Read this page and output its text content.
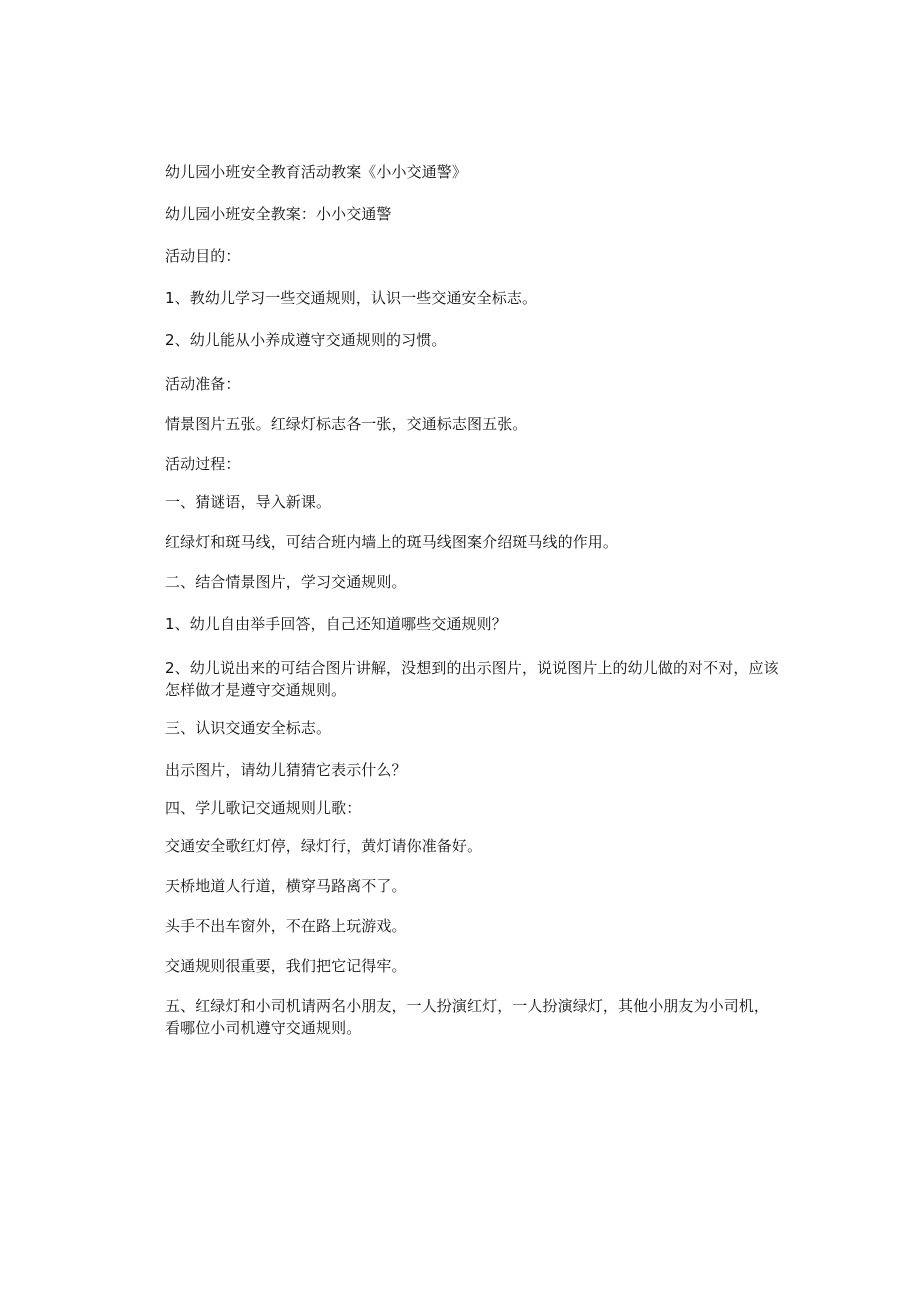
幼儿园小班安全教育活动教案《小小交通警》

幼儿园小班安全教案：小小交通警

活动目的：

1、教幼儿学习一些交通规则，认识一些交通安全标志。

2、幼儿能从小养成遵守交通规则的习惯。

活动准备：

情景图片五张。红绿灯标志各一张，交通标志图五张。

活动过程：

一、猜谜语，导入新课。

红绿灯和斑马线，可结合班内墙上的斑马线图案介绍斑马线的作用。

二、结合情景图片，学习交通规则。

1、幼儿自由举手回答，自己还知道哪些交通规则？

2、幼儿说出来的可结合图片讲解，没想到的出示图片，说说图片上的幼儿做的对不对，应该怎样做才是遵守交通规则。

三、认识交通安全标志。

出示图片，请幼儿猜猜它表示什么？

四、学儿歌记交通规则儿歌：

交通安全歌红灯停，绿灯行，黄灯请你准备好。

天桥地道人行道，横穿马路离不了。

头手不出车窗外，不在路上玩游戏。

交通规则很重要，我们把它记得牢。

五、红绿灯和小司机请两名小朋友，一人扮演红灯，一人扮演绿灯，其他小朋友为小司机，看哪位小司机遵守交通规则。
